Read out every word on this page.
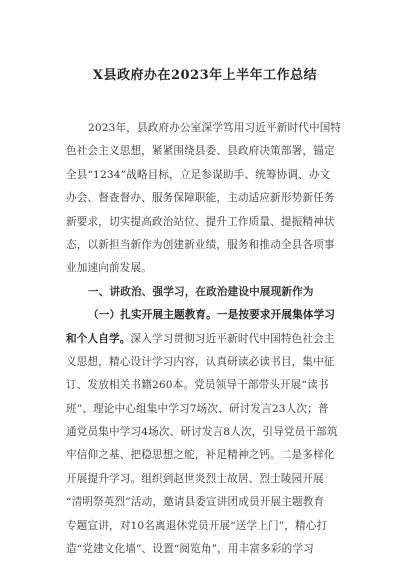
X县政府办在2023年上半年工作总结
2023年，县政府办公室深学笃用习近平新时代中国特
色社会主义思想，紧紧围绕县委、县政府决策部署，锚定
全县“1234”战略目标，立足参谋助手、统筹协调、办文
办会、督查督办、服务保障职能，主动适应新形势新任务
新要求，切实提高政治站位、提升工作质量、提振精神状
态，以新担当新作为创建新业绩，服务和推动全县各项事
业加速向前发展。
一、讲政治、强学习，在政治建设中展现新作为
（一）扎实开展主题教育。一是按要求开展集体学习
和个人自学。深入学习贯彻习近平新时代中国特色社会主
义思想，精心设计学习内容，认真研读必读书目，集中征
订、发放相关书籍260本。党员领导干部带头开展“读书
班”、理论中心组集中学习7场次、研讨发言23人次；普
通党员集中学习4场次、研讨发言8人次，引导党员干部筑
牢信仰之基、把稳思想之舵，补足精神之钙。二是多样化
开展提升学习。组织到赵世炎烈士故居、烈士陵园开展
“清明祭英烈”活动，邀请县委宣讲团成员开展主题教育
专题宣讲，对10名离退休党员开展“送学上门”，精心打
造“党建文化墙”、设置“阅览角”，用丰富多彩的学习
